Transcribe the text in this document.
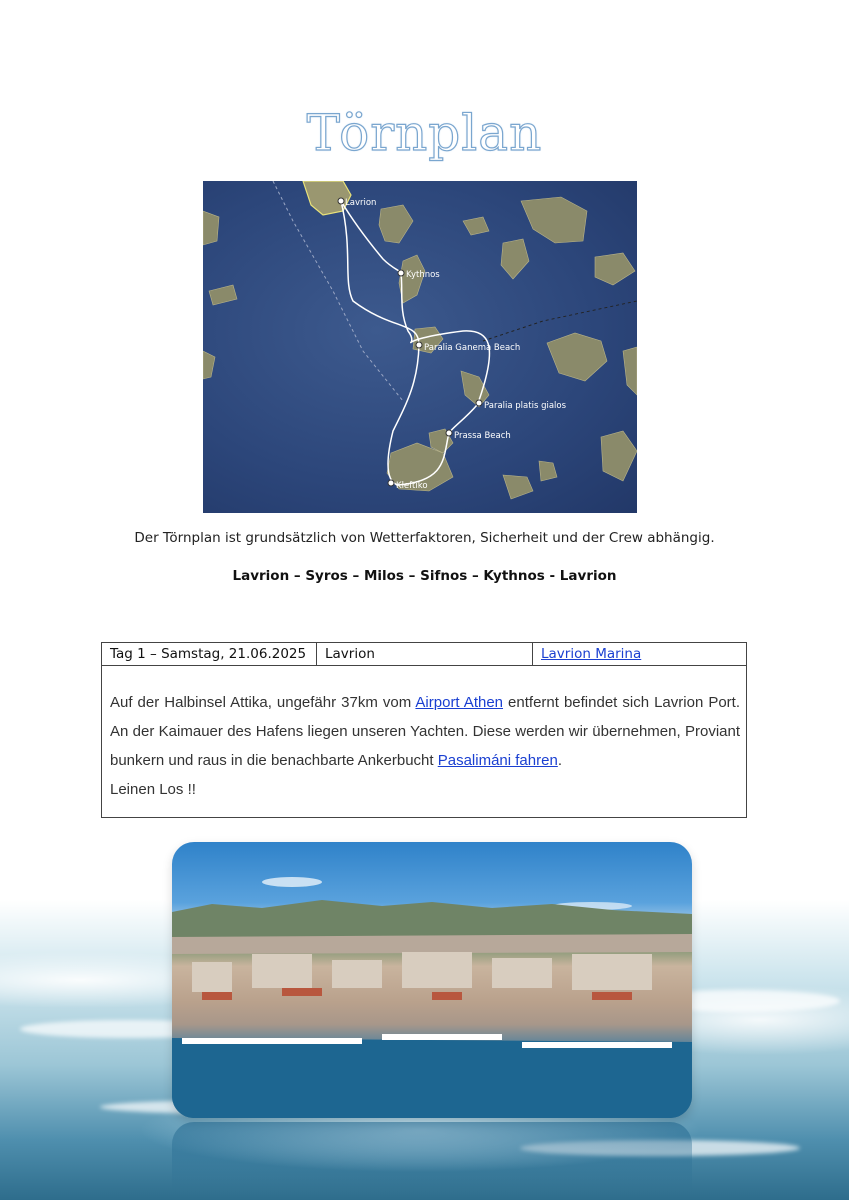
Törnplan
Lavrion
Kythnos
Paralia Ganema Beach
Paralia platis gialos
Prassa Beach
Kleftiko
Der Törnplan ist grundsätzlich von Wetterfaktoren, Sicherheit und der Crew abhängig.
Lavrion – Syros – Milos – Sifnos – Kythnos - Lavrion
Tag 1 – Samstag, 21.06.2025	Lavrion	Lavrion Marina
Auf der Halbinsel Attika, ungefähr 37km vom Airport Athen entfernt befindet sich Lavrion Port. An der Kaimauer des Hafens liegen unseren Yachten. Diese werden wir übernehmen, Proviant bunkern und raus in die benachbarte Ankerbucht Pasalimáni fahren.
Leinen Los !!
